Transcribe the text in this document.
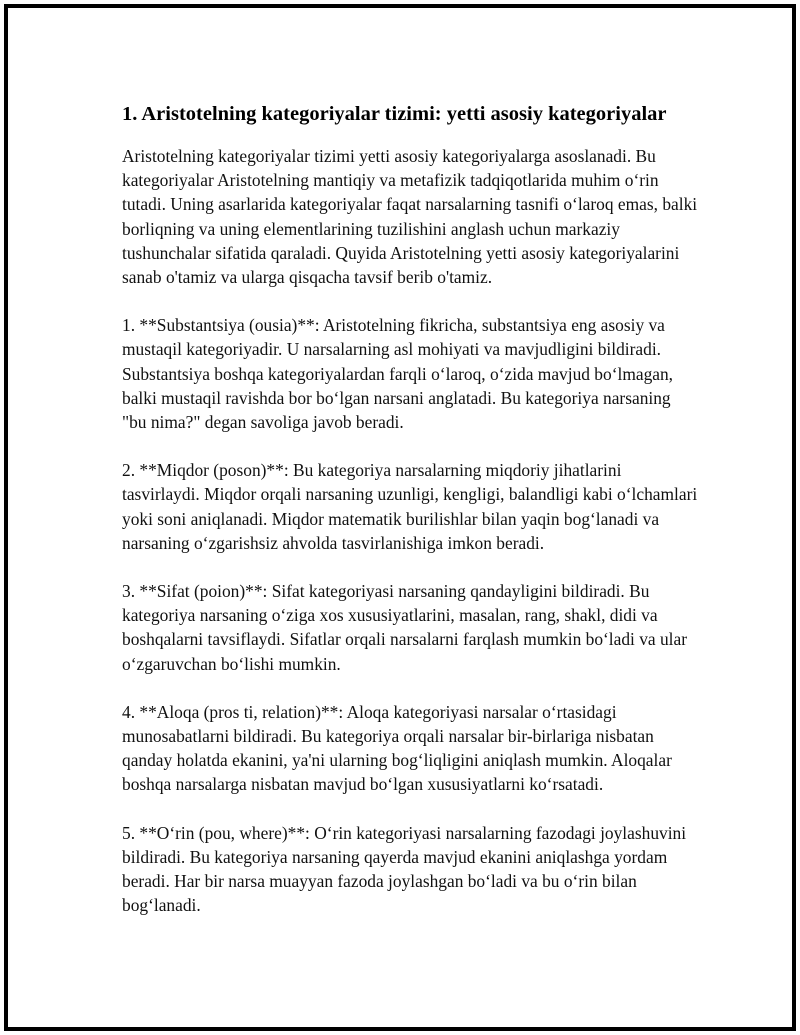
1. Aristotelning kategoriyalar tizimi: yetti asosiy kategoriyalar

Aristotelning kategoriyalar tizimi yetti asosiy kategoriyalarga asoslanadi. Bu kategoriyalar Aristotelning mantiqiy va metafizik tadqiqotlarida muhim o‘rin tutadi. Uning asarlarida kategoriyalar faqat narsalarning tasnifi o‘laroq emas, balki borliqning va uning elementlarining tuzilishini anglash uchun markaziy tushunchalar sifatida qaraladi. Quyida Aristotelning yetti asosiy kategoriyalarini sanab o'tamiz va ularga qisqacha tavsif berib o'tamiz.

1. **Substantsiya (ousia)**: Aristotelning fikricha, substantsiya eng asosiy va mustaqil kategoriyadir. U narsalarning asl mohiyati va mavjudligini bildiradi. Substantsiya boshqa kategoriyalardan farqli o‘laroq, o‘zida mavjud bo‘lmagan, balki mustaqil ravishda bor bo‘lgan narsani anglatadi. Bu kategoriya narsaning "bu nima?" degan savoliga javob beradi.

2. **Miqdor (poson)**: Bu kategoriya narsalarning miqdoriy jihatlarini tasvirlaydi. Miqdor orqali narsaning uzunligi, kengligi, balandligi kabi o‘lchamlari yoki soni aniqlanadi. Miqdor matematik burilishlar bilan yaqin bog‘lanadi va narsaning o‘zgarishsiz ahvolda tasvirlanishiga imkon beradi.

3. **Sifat (poion)**: Sifat kategoriyasi narsaning qandayligini bildiradi. Bu kategoriya narsaning o‘ziga xos xususiyatlarini, masalan, rang, shakl, didi va boshqalarni tavsiflaydi. Sifatlar orqali narsalarni farqlash mumkin bo‘ladi va ular o‘zgaruvchan bo‘lishi mumkin.

4. **Aloqa (pros ti, relation)**: Aloqa kategoriyasi narsalar o‘rtasidagi munosabatlarni bildiradi. Bu kategoriya orqali narsalar bir-birlariga nisbatan qanday holatda ekanini, ya'ni ularning bog‘liqligini aniqlash mumkin. Aloqalar boshqa narsalarga nisbatan mavjud bo‘lgan xususiyatlarni ko‘rsatadi.

5. **O‘rin (pou, where)**: O‘rin kategoriyasi narsalarning fazodagi joylashuvini bildiradi. Bu kategoriya narsaning qayerda mavjud ekanini aniqlashga yordam beradi. Har bir narsa muayyan fazoda joylashgan bo‘ladi va bu o‘rin bilan bog‘lanadi.
